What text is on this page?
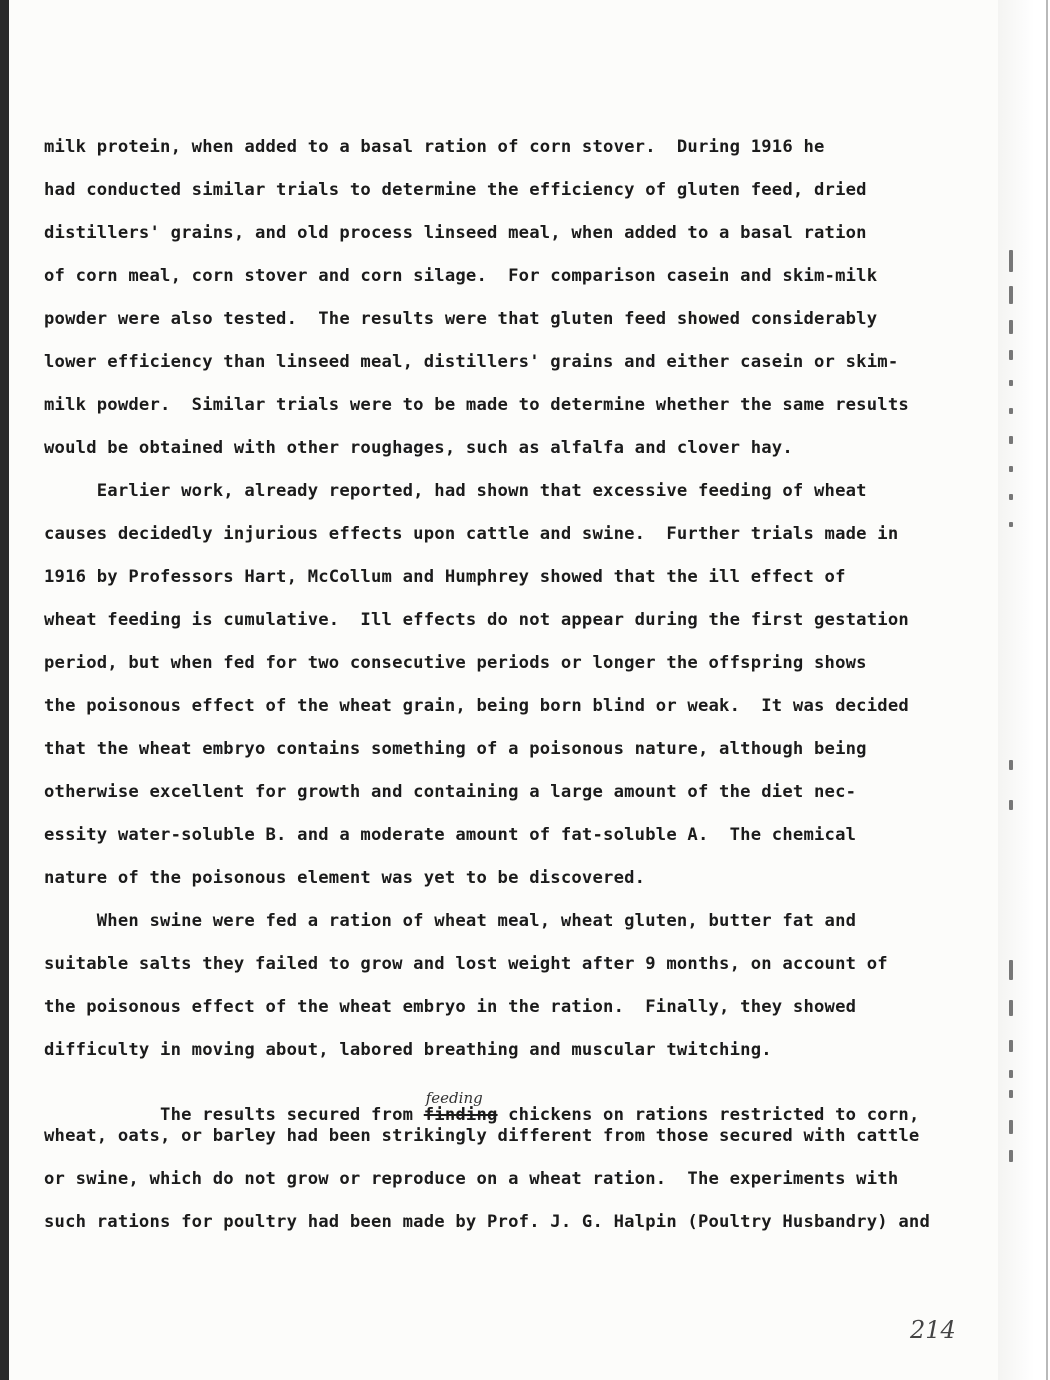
milk protein, when added to a basal ration of corn stover.  During 1916 he
had conducted similar trials to determine the efficiency of gluten feed, dried
distillers' grains, and old process linseed meal, when added to a basal ration
of corn meal, corn stover and corn silage.  For comparison casein and skim-milk
powder were also tested.  The results were that gluten feed showed considerably
lower efficiency than linseed meal, distillers' grains and either casein or skim-
milk powder.  Similar trials were to be made to determine whether the same results
would be obtained with other roughages, such as alfalfa and clover hay.
Earlier work, already reported, had shown that excessive feeding of wheat
causes decidedly injurious effects upon cattle and swine.  Further trials made in
1916 by Professors Hart, McCollum and Humphrey showed that the ill effect of
wheat feeding is cumulative.  Ill effects do not appear during the first gestation
period, but when fed for two consecutive periods or longer the offspring shows
the poisonous effect of the wheat grain, being born blind or weak.  It was decided
that the wheat embryo contains something of a poisonous nature, although being
otherwise excellent for growth and containing a large amount of the diet nec-
essity water-soluble B. and a moderate amount of fat-soluble A.  The chemical
nature of the poisonous element was yet to be discovered.
When swine were fed a ration of wheat meal, wheat gluten, butter fat and
suitable salts they failed to grow and lost weight after 9 months, on account of
the poisonous effect of the wheat embryo in the ration.  Finally, they showed
difficulty in moving about, labored breathing and muscular twitching.

The results secured from finding
feeding
chickens on rations restricted to corn,

wheat, oats, or barley had been strikingly different from those secured with cattle
or swine, which do not grow or reproduce on a wheat ration.  The experiments with
such rations for poultry had been made by Prof. J. G. Halpin (Poultry Husbandry) and
214
